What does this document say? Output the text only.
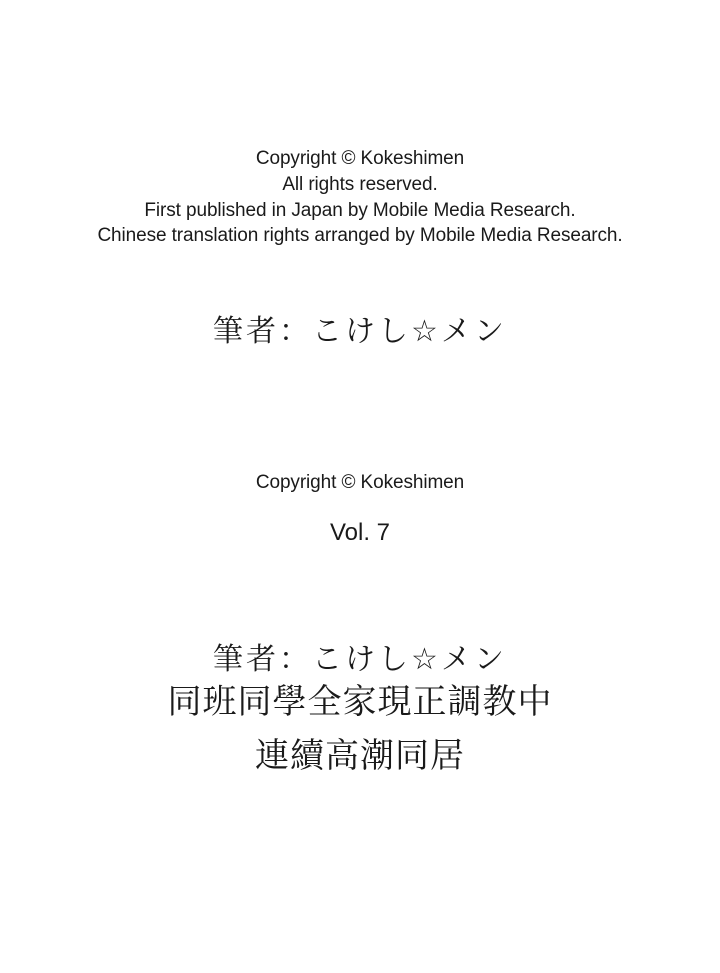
Copyright © Kokeshimen
All rights reserved.
First published in Japan by Mobile Media Research.
Chinese translation rights arranged by Mobile Media Research.
筆者：こけし☆メン
Copyright © Kokeshimen
Vol. 7
筆者：こけし☆メン
同班同學全家現正調教中
連續高潮同居
